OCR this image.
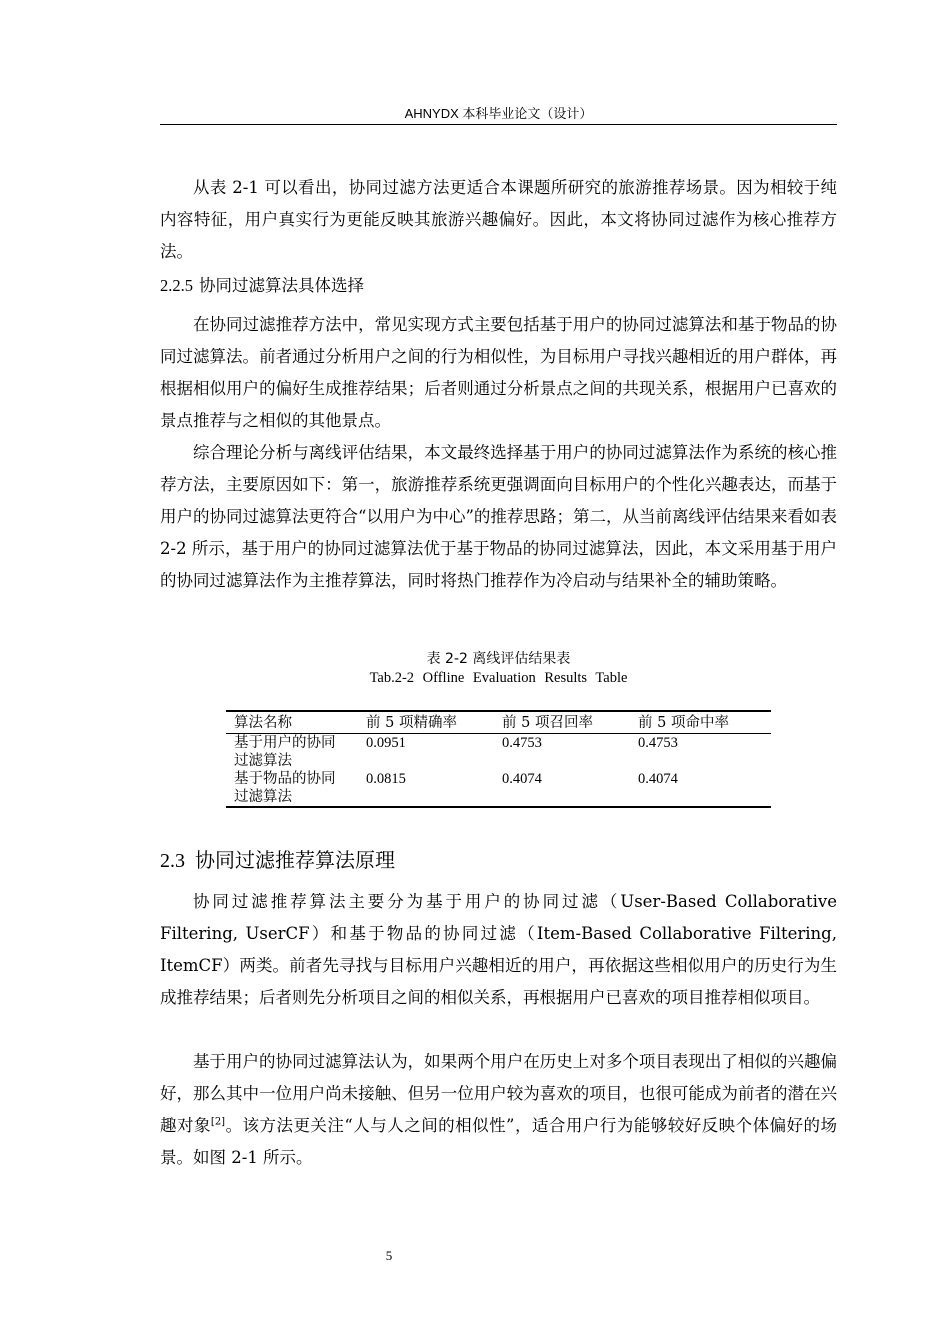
AHNYDX 本科毕业论文（设计）
从表 2-1 可以看出，协同过滤方法更适合本课题所研究的旅游推荐场景。因为相较于纯内容特征，用户真实行为更能反映其旅游兴趣偏好。因此，本文将协同过滤作为核心推荐方法。
2.2.5 协同过滤算法具体选择
在协同过滤推荐方法中，常见实现方式主要包括基于用户的协同过滤算法和基于物品的协同过滤算法。前者通过分析用户之间的行为相似性，为目标用户寻找兴趣相近的用户群体，再根据相似用户的偏好生成推荐结果；后者则通过分析景点之间的共现关系，根据用户已喜欢的景点推荐与之相似的其他景点。
综合理论分析与离线评估结果，本文最终选择基于用户的协同过滤算法作为系统的核心推荐方法，主要原因如下：第一，旅游推荐系统更强调面向目标用户的个性化兴趣表达，而基于用户的协同过滤算法更符合“以用户为中心”的推荐思路；第二，从当前离线评估结果来看如表 2-2 所示，基于用户的协同过滤算法优于基于物品的协同过滤算法，因此，本文采用基于用户的协同过滤算法作为主推荐算法，同时将热门推荐作为冷启动与结果补全的辅助策略。
表 2-2 离线评估结果表
Tab.2-2 Offline Evaluation Results Table
算法名称	前 5 项精确率	前 5 项召回率	前 5 项命中率

基于用户的协同
过滤算法	0.0951	0.4753	0.4753

基于物品的协同
过滤算法	0.0815	0.4074	0.4074
2.3 协同过滤推荐算法原理
协同过滤推荐算法主要分为基于用户的协同过滤（User-Based Collaborative Filtering, UserCF）和基于物品的协同过滤（Item-Based Collaborative Filtering, ItemCF）两类。前者先寻找与目标用户兴趣相近的用户，再依据这些相似用户的历史行为生成推荐结果；后者则先分析项目之间的相似关系，再根据用户已喜欢的项目推荐相似项目。
基于用户的协同过滤算法认为，如果两个用户在历史上对多个项目表现出了相似的兴趣偏好，那么其中一位用户尚未接触、但另一位用户较为喜欢的项目，也很可能成为前者的潜在兴趣对象[2]。该方法更关注“人与人之间的相似性”，适合用户行为能够较好反映个体偏好的场景。如图 2-1 所示。
5
